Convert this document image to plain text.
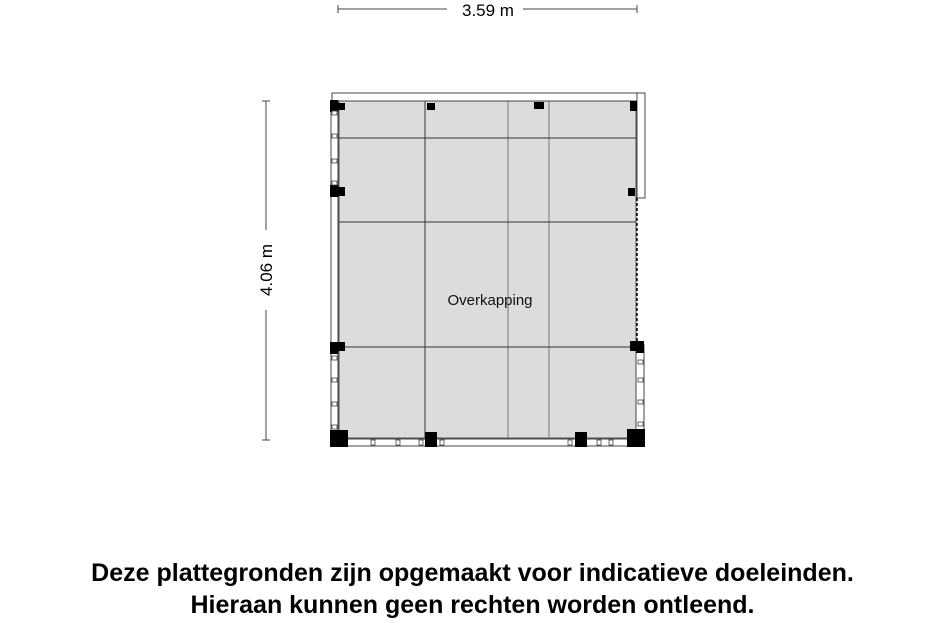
3.59 m
4.06 m
Overkapping
Deze plattegronden zijn opgemaakt voor indicatieve doeleinden.
Hieraan kunnen geen rechten worden ontleend.
